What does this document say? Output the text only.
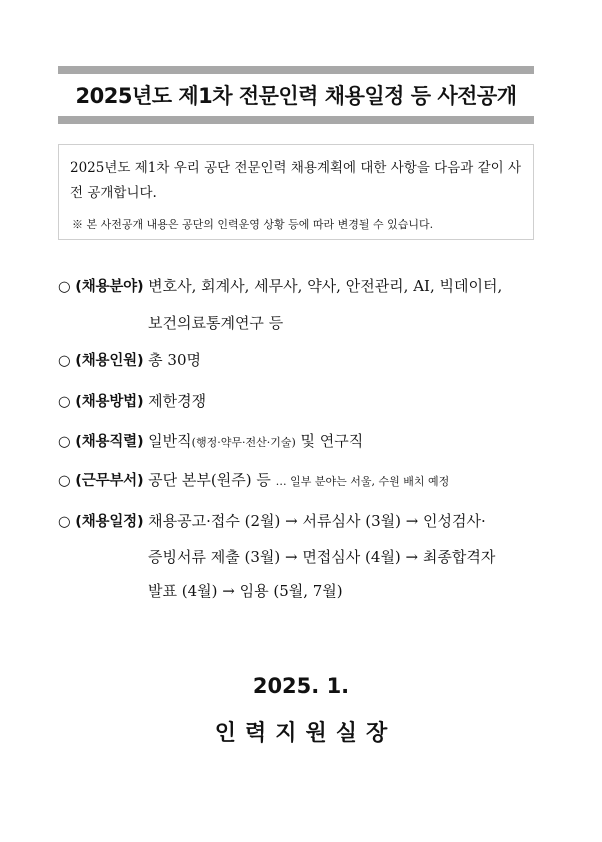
2025년도 제1차 전문인력 채용일정 등 사전공개
2025년도 제1차 우리 공단 전문인력 채용계획에 대한 사항을 다음과 같이 사전 공개합니다.
※ 본 사전공개 내용은 공단의 인력운영 상황 등에 따라 변경될 수 있습니다.
○ (채용분야) 변호사, 회계사, 세무사, 약사, 안전관리, AI, 빅데이터,
보건의료통계연구 등
○ (채용인원) 총 30명
○ (채용방법) 제한경쟁
○ (채용직렬) 일반직(행정·약무·전산·기술) 및 연구직
○ (근무부서) 공단 본부(원주) 등 … 일부 분야는 서울, 수원 배치 예정
○ (채용일정) 채용공고·접수 (2월) → 서류심사 (3월) → 인성검사·
증빙서류 제출 (3월) → 면접심사 (4월) → 최종합격자
발표 (4월) → 임용 (5월, 7월)
2025. 1.
인력지원실장
